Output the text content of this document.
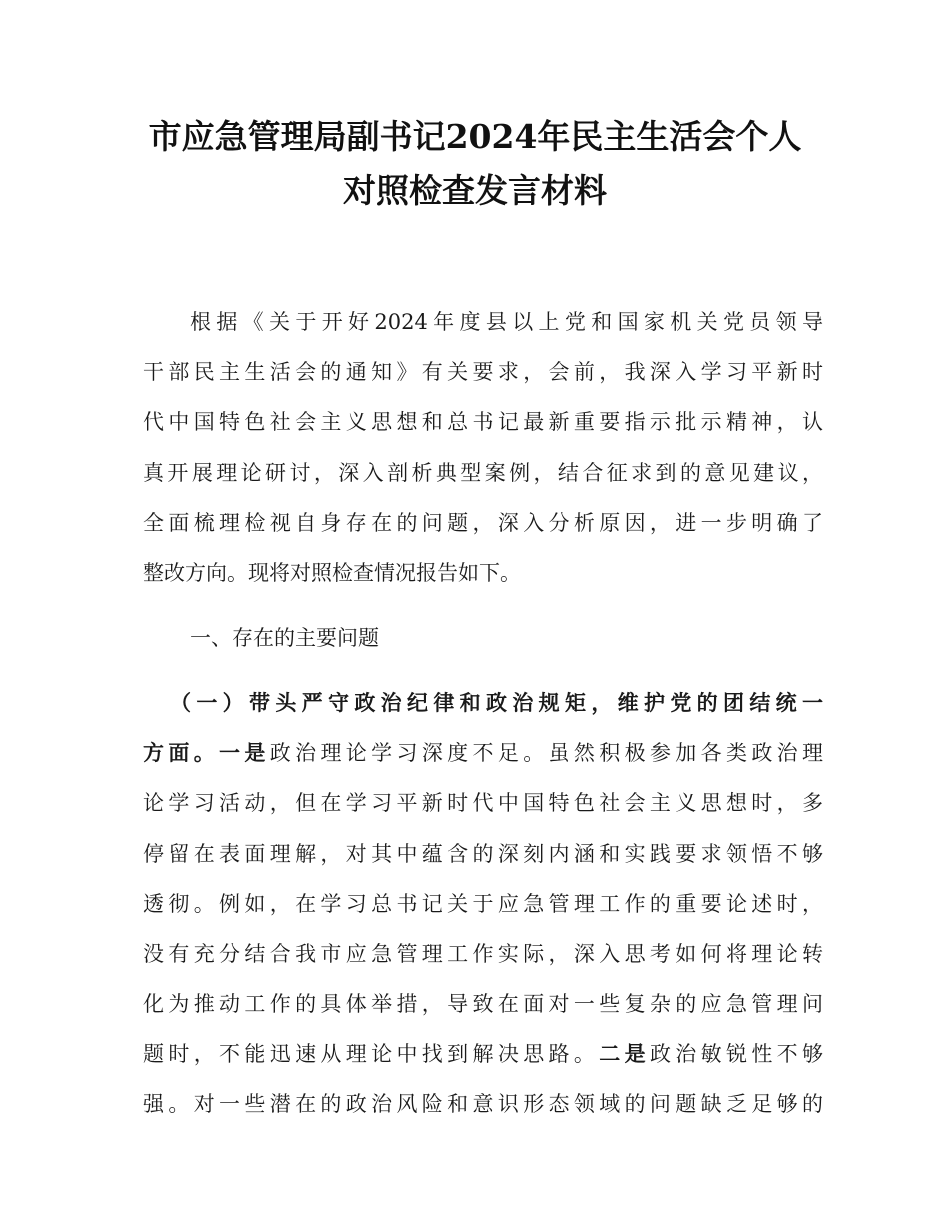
市应急管理局副书记2024年民主生活会个人
对照检查发言材料

根据《关于开好2024年度县以上党和国家机关党员领导

干部民主生活会的通知》有关要求，会前，我深入学习平新时

代中国特色社会主义思想和总书记最新重要指示批示精神，认

真开展理论研讨，深入剖析典型案例，结合征求到的意见建议，

全面梳理检视自身存在的问题，深入分析原因，进一步明确了

整改方向。现将对照检查情况报告如下。

一、存在的主要问题

（一）带头严守政治纪律和政治规矩，维护党的团结统一

方面。一是政治理论学习深度不足。虽然积极参加各类政治理

论学习活动，但在学习平新时代中国特色社会主义思想时，多

停留在表面理解，对其中蕴含的深刻内涵和实践要求领悟不够

透彻。例如，在学习总书记关于应急管理工作的重要论述时，

没有充分结合我市应急管理工作实际，深入思考如何将理论转

化为推动工作的具体举措，导致在面对一些复杂的应急管理问

题时，不能迅速从理论中找到解决思路。二是政治敏锐性不够

强。对一些潜在的政治风险和意识形态领域的问题缺乏足够的
